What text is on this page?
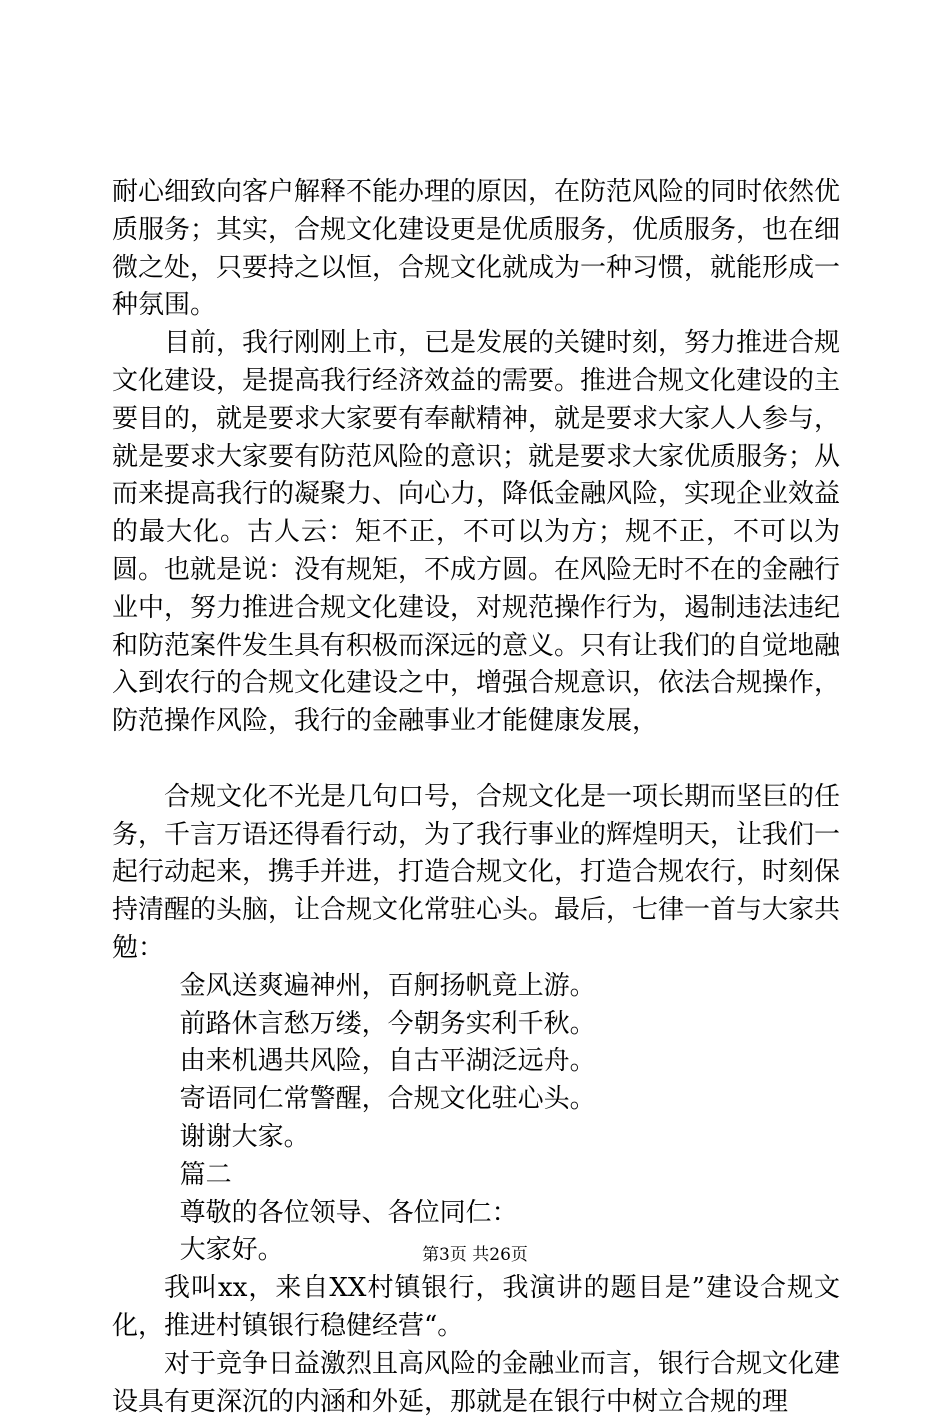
耐心细致向客户解释不能办理的原因，在防范风险的同时依然优质服务；其实，合规文化建设更是优质服务，优质服务，也在细微之处，只要持之以恒，合规文化就成为一种习惯，就能形成一种氛围。

目前，我行刚刚上市，已是发展的关键时刻，努力推进合规文化建设，是提高我行经济效益的需要。推进合规文化建设的主要目的，就是要求大家要有奉献精神，就是要求大家人人参与，就是要求大家要有防范风险的意识；就是要求大家优质服务；从而来提高我行的凝聚力、向心力，降低金融风险，实现企业效益的最大化。古人云：矩不正，不可以为方；规不正，不可以为圆。也就是说：没有规矩，不成方圆。在风险无时不在的金融行业中，努力推进合规文化建设，对规范操作行为，遏制违法违纪和防范案件发生具有积极而深远的意义。只有让我们的自觉地融入到农行的合规文化建设之中，增强合规意识，依法合规操作，防范操作风险，我行的金融事业才能健康发展，

合规文化不光是几句口号，合规文化是一项长期而坚巨的任务，千言万语还得看行动，为了我行事业的辉煌明天，让我们一起行动起来，携手并进，打造合规文化，打造合规农行，时刻保持清醒的头脑，让合规文化常驻心头。最后，七律一首与大家共勉：

金风送爽遍神州，百舸扬帆竟上游。

前路休言愁万缕，今朝务实利千秋。

由来机遇共风险，自古平湖泛远舟。

寄语同仁常警醒，合规文化驻心头。

谢谢大家。

篇二

尊敬的各位领导、各位同仁：

大家好。

我叫xx，来自XX村镇银行，我演讲的题目是”建设合规文化，推进村镇银行稳健经营“。

对于竞争日益激烈且高风险的金融业而言，银行合规文化建设具有更深沉的内涵和外延，那就是在银行中树立合规的理

第3页 共26页
